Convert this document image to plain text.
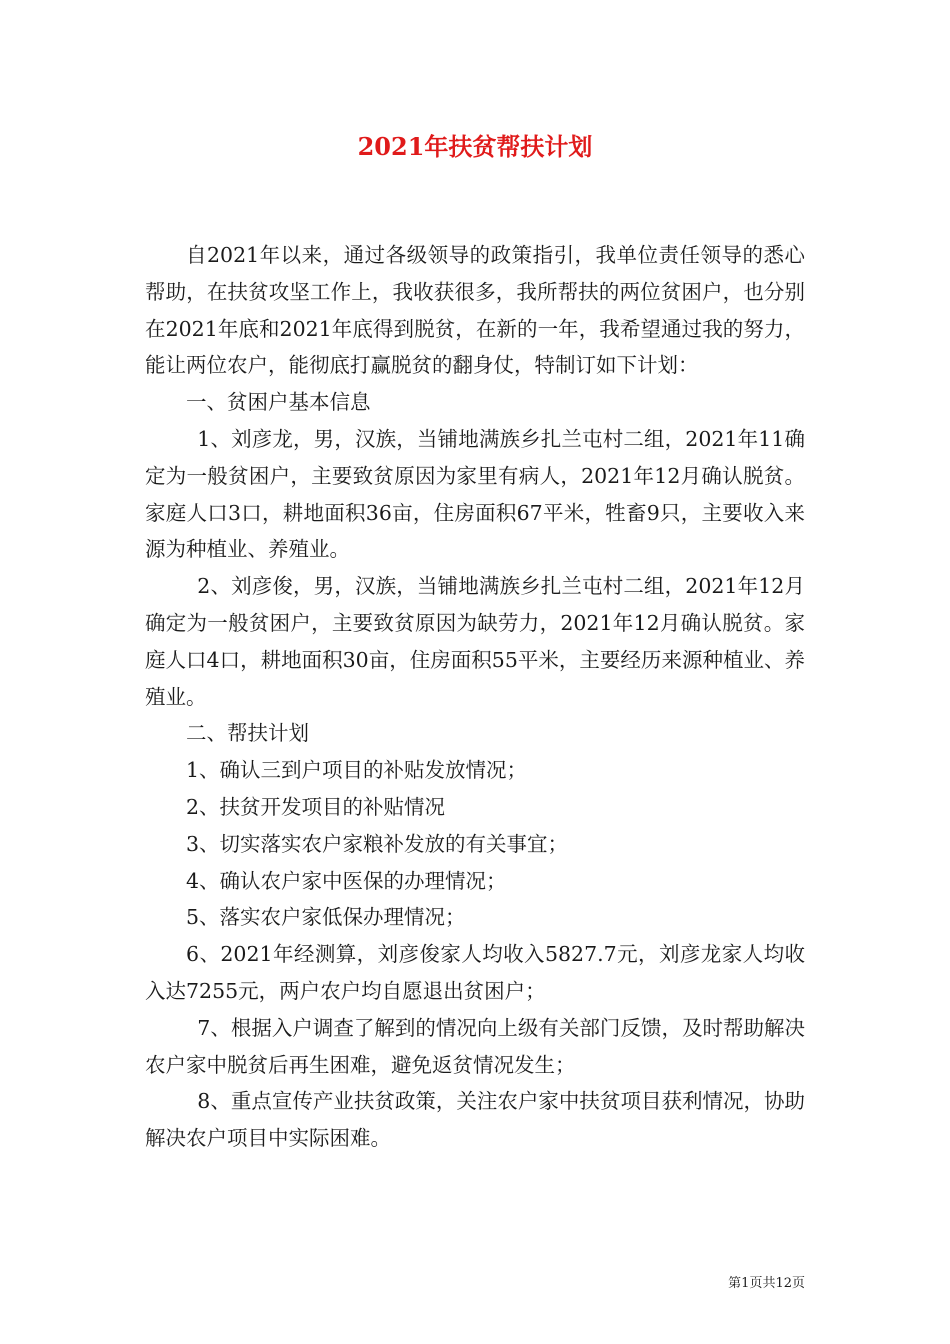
2021年扶贫帮扶计划

自2021年以来，通过各级领导的政策指引，我单位责任领导的悉心帮助，在扶贫攻坚工作上，我收获很多，我所帮扶的两位贫困户，也分别在2021年底和2021年底得到脱贫，在新的一年，我希望通过我的努力，能让两位农户，能彻底打赢脱贫的翻身仗，特制订如下计划：

一、贫困户基本信息

1、刘彦龙，男，汉族，当铺地满族乡扎兰屯村二组，2021年11确定为一般贫困户，主要致贫原因为家里有病人，2021年12月确认脱贫。家庭人口3口，耕地面积36亩，住房面积67平米，牲畜9只，主要收入来源为种植业、养殖业。

2、刘彦俊，男，汉族，当铺地满族乡扎兰屯村二组，2021年12月确定为一般贫困户，主要致贫原因为缺劳力，2021年12月确认脱贫。家庭人口4口，耕地面积30亩，住房面积55平米，主要经历来源种植业、养殖业。

二、帮扶计划

1、确认三到户项目的补贴发放情况；

2、扶贫开发项目的补贴情况

3、切实落实农户家粮补发放的有关事宜；

4、确认农户家中医保的办理情况；

5、落实农户家低保办理情况；

6、2021年经测算，刘彦俊家人均收入5827.7元，刘彦龙家人均收入达7255元，两户农户均自愿退出贫困户；

7、根据入户调查了解到的情况向上级有关部门反馈，及时帮助解决农户家中脱贫后再生困难，避免返贫情况发生；

8、重点宣传产业扶贫政策，关注农户家中扶贫项目获利情况，协助解决农户项目中实际困难。

第1页共12页
